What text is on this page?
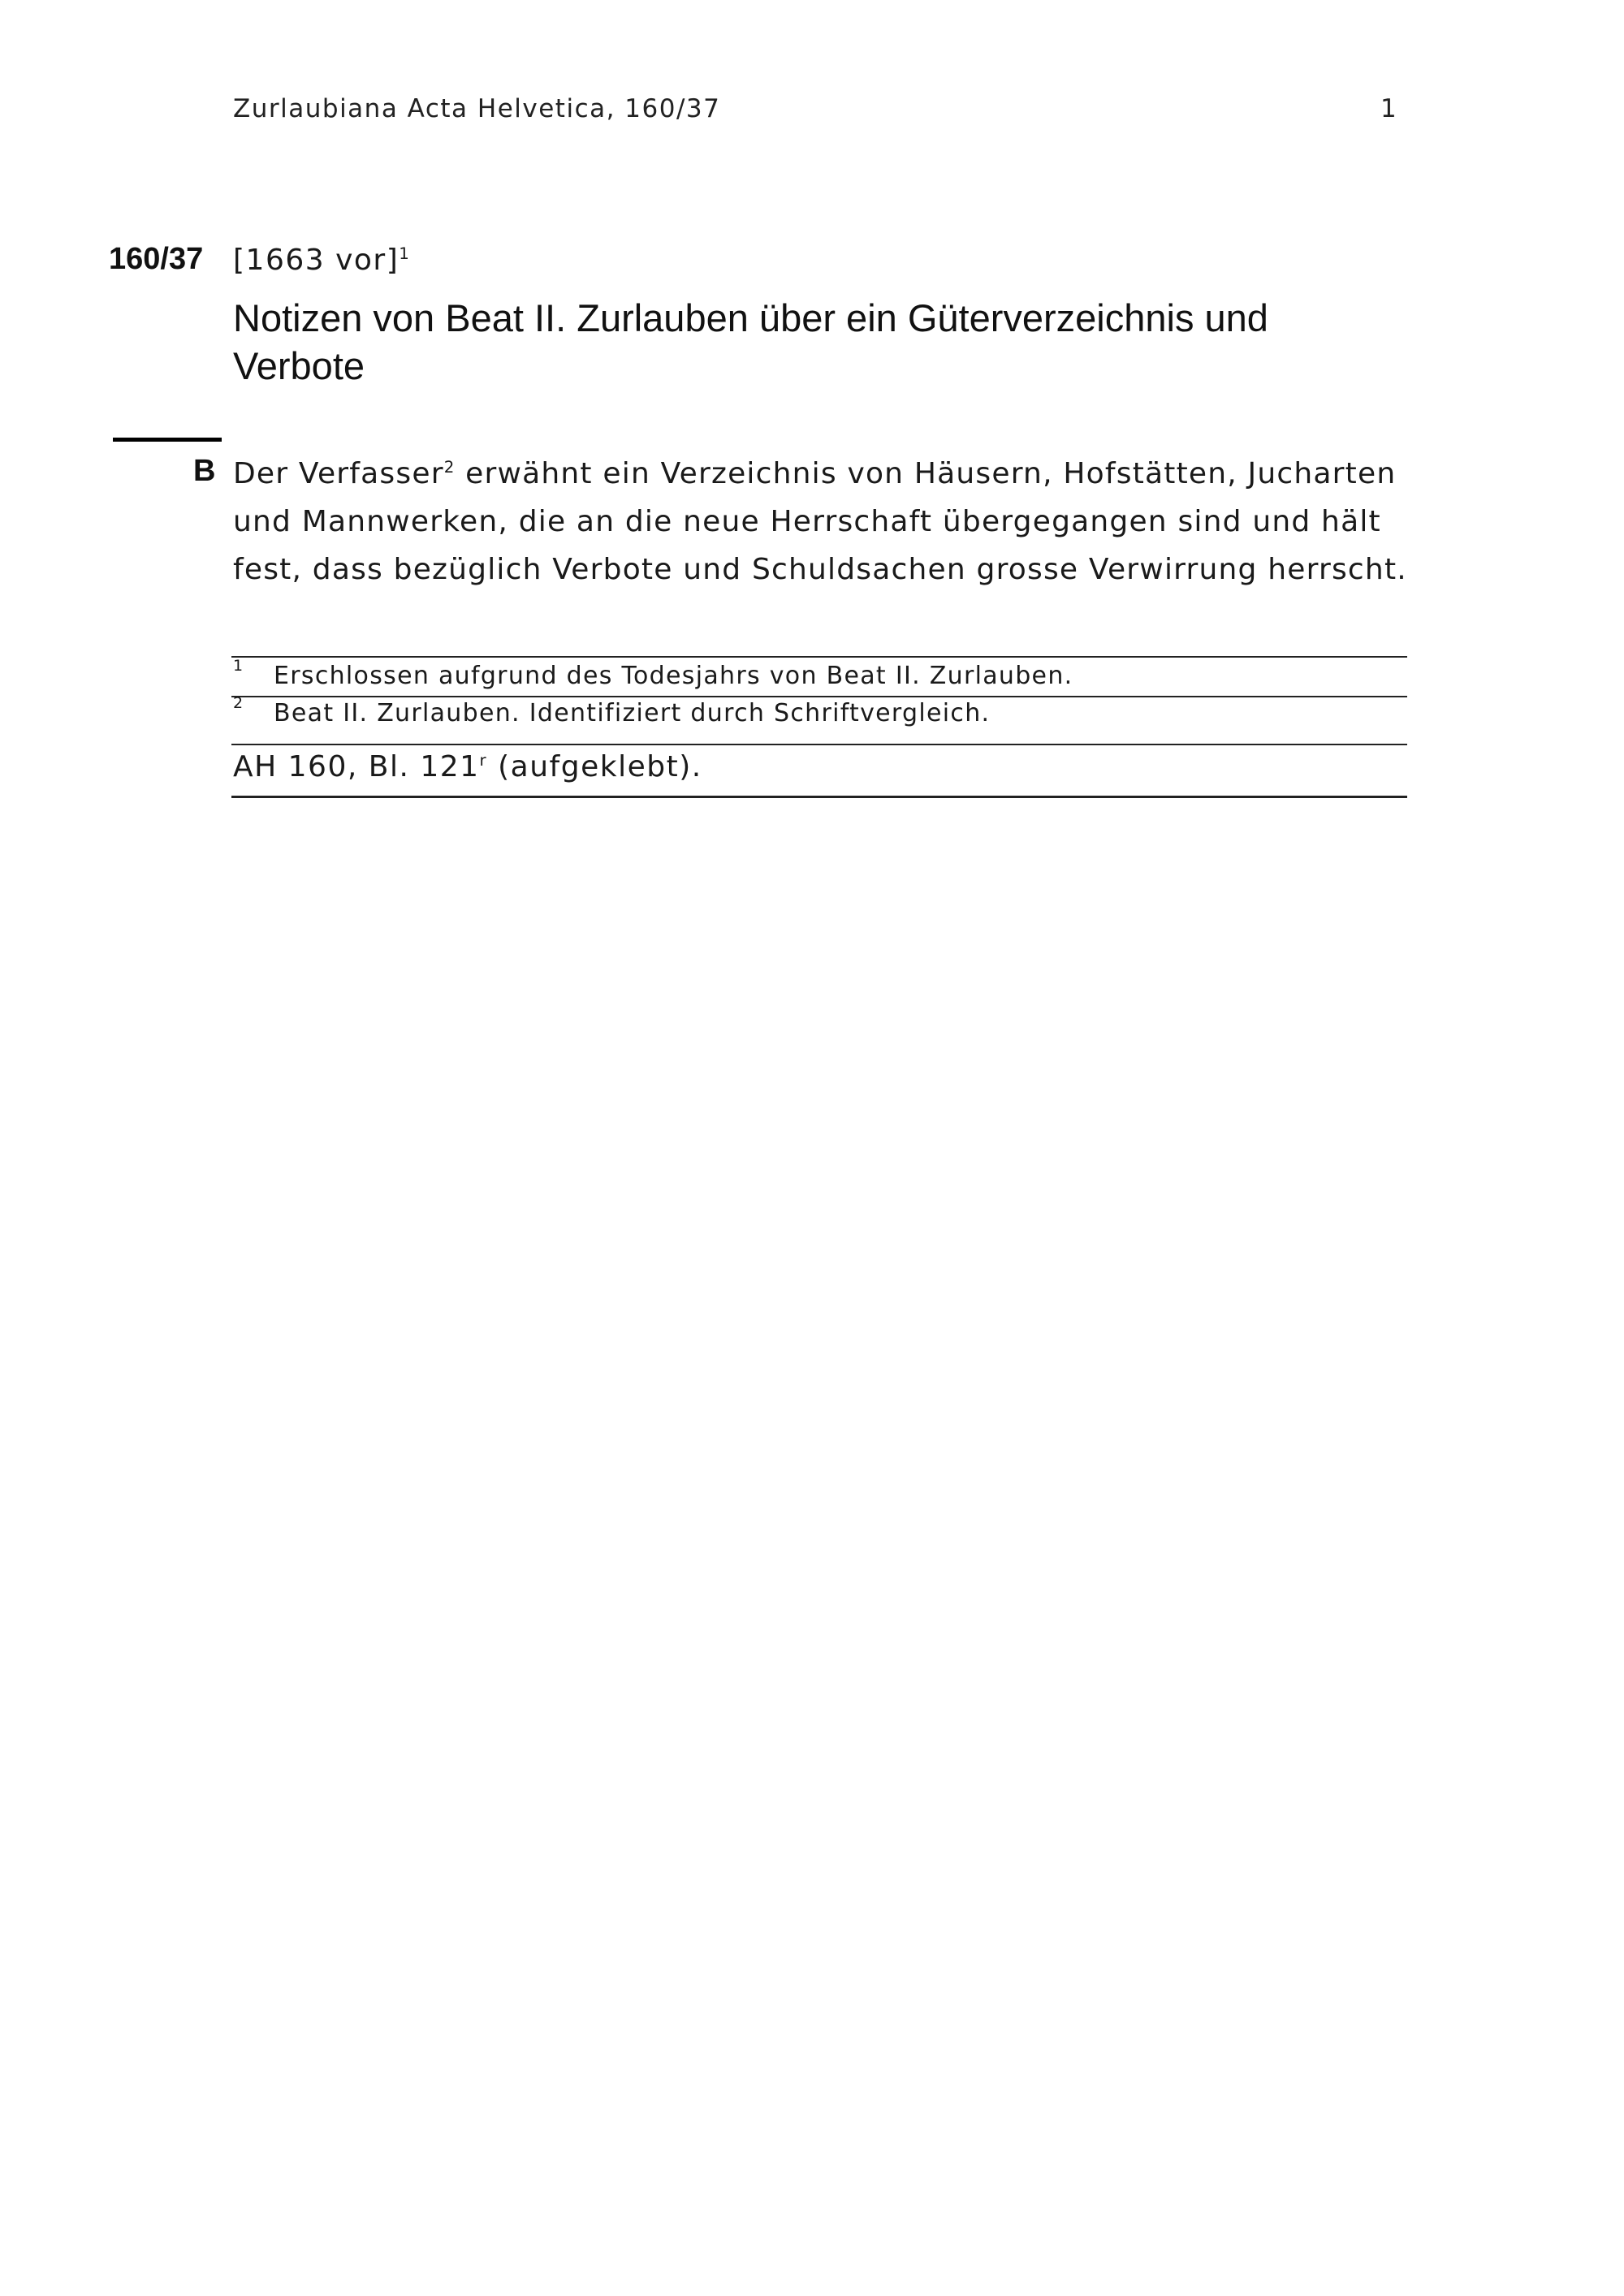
Zurlaubiana Acta Helvetica, 160/37	1
160/37 [1663 vor]$^1$
Notizen von Beat II. Zurlauben über ein Güterverzeichnis und Verbote
B Der Verfasser$^2$ erwähnt ein Verzeichnis von Häusern, Hofstätten, Jucharten und Mannwerken, die an die neue Herrschaft übergegangen sind und hält fest, dass bezüglich Verbote und Schuldsachen grosse Verwirrung herrscht.
1 Erschlossen aufgrund des Todesjahrs von Beat II. Zurlauben.
2 Beat II. Zurlauben. Identifiziert durch Schriftvergleich.
AH 160, Bl. 121$^r$ (aufgeklebt).
